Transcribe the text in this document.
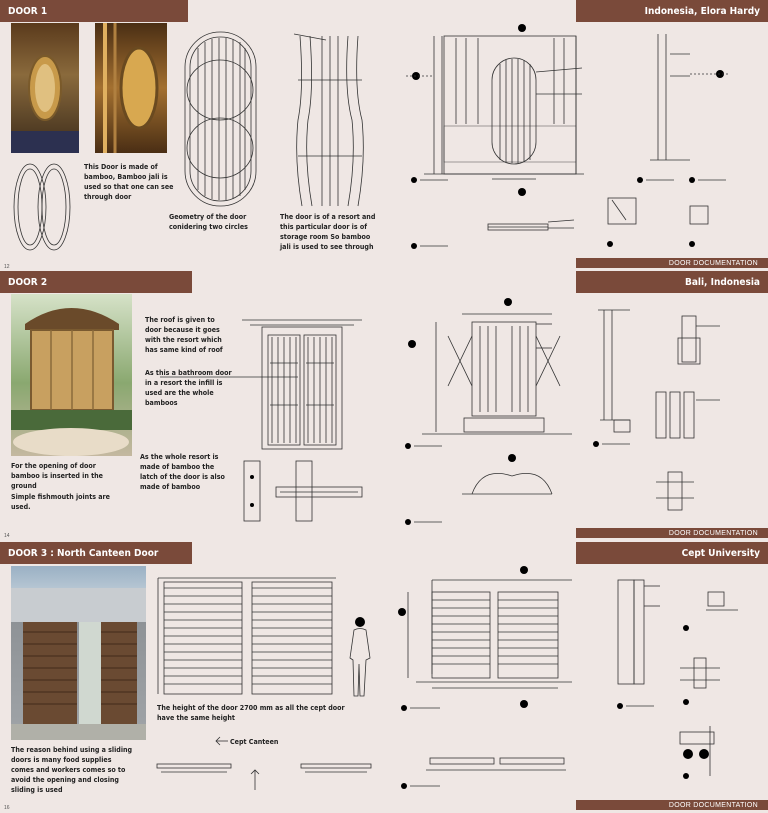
DOOR 1	Indonesia, Elora Hardy
This Door is made of bamboo, Bamboo jali is used so that one can see through door
Geometry of the door conidering two circles
The door is of a resort and this particular door is of storage room So bamboo jali is used to see through
DOOR DOCUMENTATION
12
DOOR 2	Bali, Indonesia
For the opening of door bamboo is inserted in the ground
Simple fishmouth joints are used.
The roof is given to door because it goes with the resort which has same kind of roof
As this a bathroom door in a resort the infill is used are the whole bamboos
As the whole resort is made of bamboo the latch of the door is also made of bamboo
DOOR DOCUMENTATION
14
DOOR 3 : North Canteen Door	Cept University
The reason behind using a sliding doors is many food supplies comes and workers comes so to avoid the opening and closing sliding is used
The height of the door 2700 mm as all the cept door have the same height
Cept Canteen
DOOR DOCUMENTATION
16
